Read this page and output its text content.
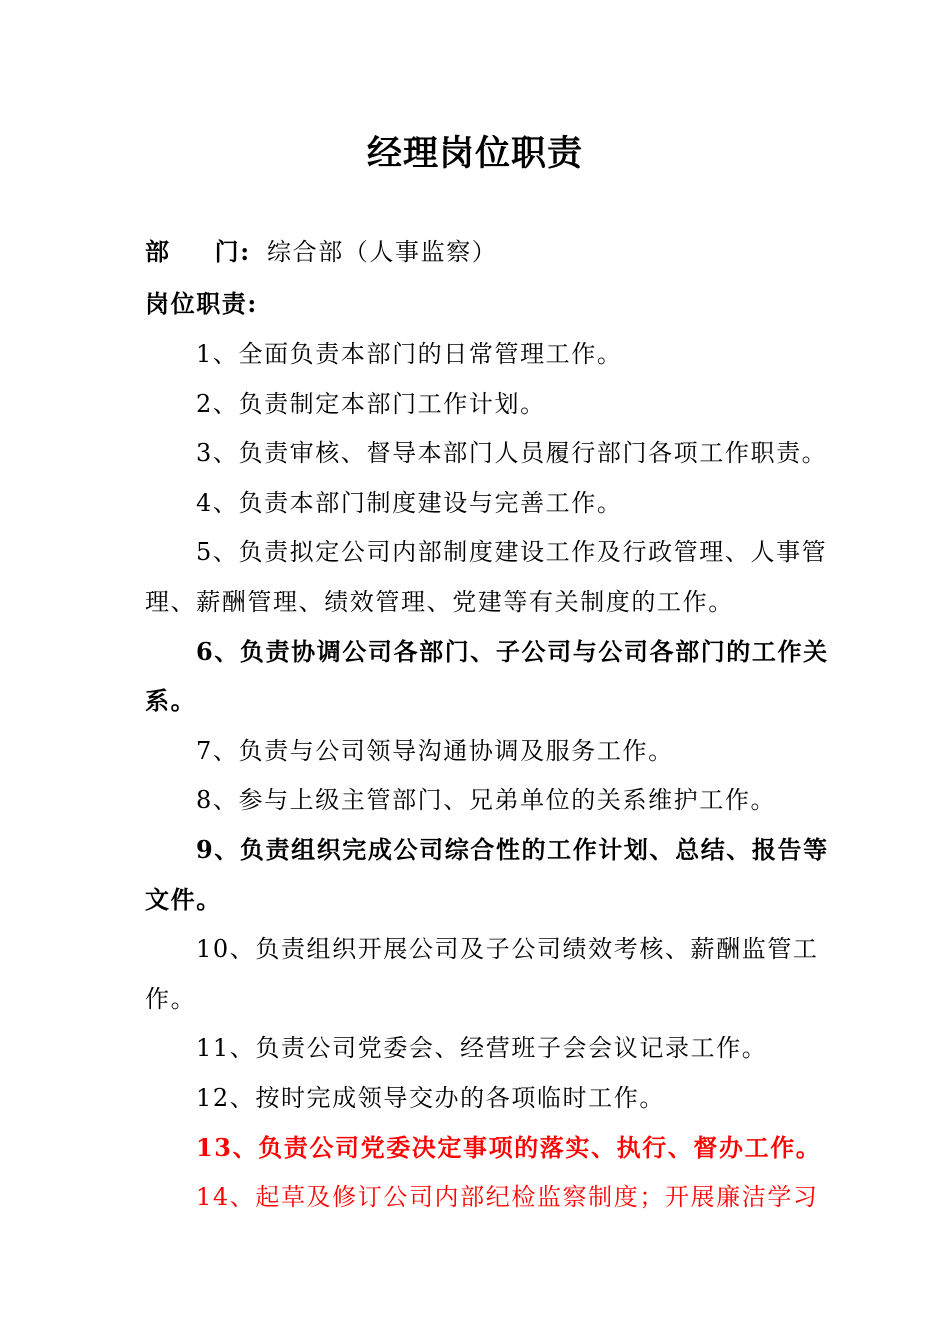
经理岗位职责
部 门: 综合部（人事监察）
岗位职责:
1、全面负责本部门的日常管理工作。
2、负责制定本部门工作计划。
3、负责审核、督导本部门人员履行部门各项工作职责。
4、负责本部门制度建设与完善工作。
5、负责拟定公司内部制度建设工作及行政管理、人事管
理、薪酬管理、绩效管理、党建等有关制度的工作。
6、负责协调公司各部门、子公司与公司各部门的工作关
系。
7、负责与公司领导沟通协调及服务工作。
8、参与上级主管部门、兄弟单位的关系维护工作。
9、负责组织完成公司综合性的工作计划、总结、报告等
文件。
10、负责组织开展公司及子公司绩效考核、薪酬监管工
作。
11、负责公司党委会、经营班子会会议记录工作。
12、按时完成领导交办的各项临时工作。
13、负责公司党委决定事项的落实、执行、督办工作。
14、起草及修订公司内部纪检监察制度；开展廉洁学习
